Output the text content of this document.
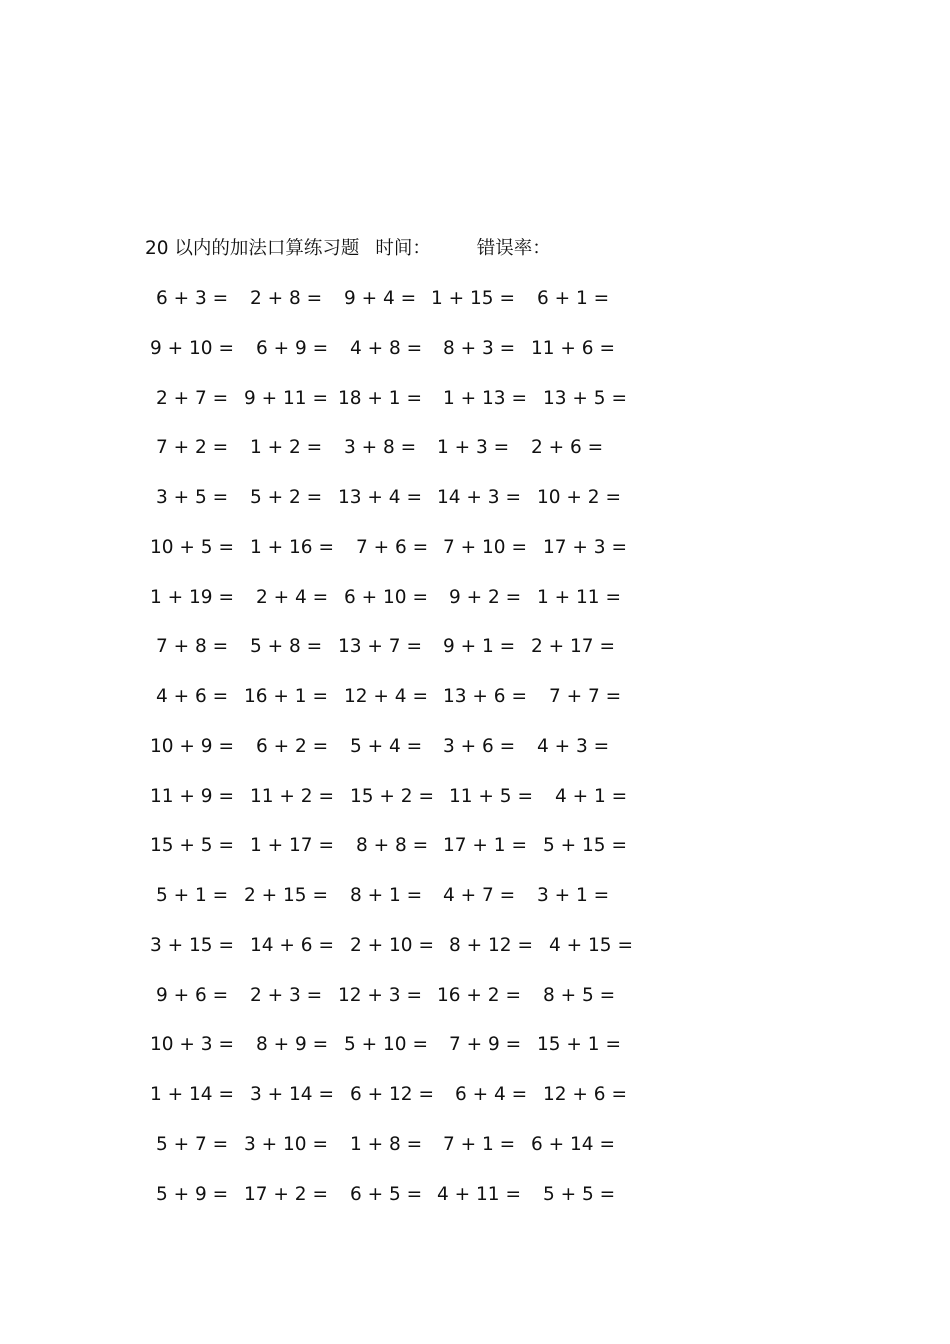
20 以内的加法口算练习题 时间： 错误率：
6 + 3 = 2 + 8 = 9 + 4 = 1 + 15 = 6 + 1 =
9 + 10 = 6 + 9 = 4 + 8 = 8 + 3 = 11 + 6 =
2 + 7 = 9 + 11 = 18 + 1 = 1 + 13 = 13 + 5 =
7 + 2 = 1 + 2 = 3 + 8 = 1 + 3 = 2 + 6 =
3 + 5 = 5 + 2 = 13 + 4 = 14 + 3 = 10 + 2 =
10 + 5 = 1 + 16 = 7 + 6 = 7 + 10 = 17 + 3 =
1 + 19 = 2 + 4 = 6 + 10 = 9 + 2 = 1 + 11 =
7 + 8 = 5 + 8 = 13 + 7 = 9 + 1 = 2 + 17 =
4 + 6 = 16 + 1 = 12 + 4 = 13 + 6 = 7 + 7 =
10 + 9 = 6 + 2 = 5 + 4 = 3 + 6 = 4 + 3 =
11 + 9 = 11 + 2 = 15 + 2 = 11 + 5 = 4 + 1 =
15 + 5 = 1 + 17 = 8 + 8 = 17 + 1 = 5 + 15 =
5 + 1 = 2 + 15 = 8 + 1 = 4 + 7 = 3 + 1 =
3 + 15 = 14 + 6 = 2 + 10 = 8 + 12 = 4 + 15 =
9 + 6 = 2 + 3 = 12 + 3 = 16 + 2 = 8 + 5 =
10 + 3 = 8 + 9 = 5 + 10 = 7 + 9 = 15 + 1 =
1 + 14 = 3 + 14 = 6 + 12 = 6 + 4 = 12 + 6 =
5 + 7 = 3 + 10 = 1 + 8 = 7 + 1 = 6 + 14 =
5 + 9 = 17 + 2 = 6 + 5 = 4 + 11 = 5 + 5 =
